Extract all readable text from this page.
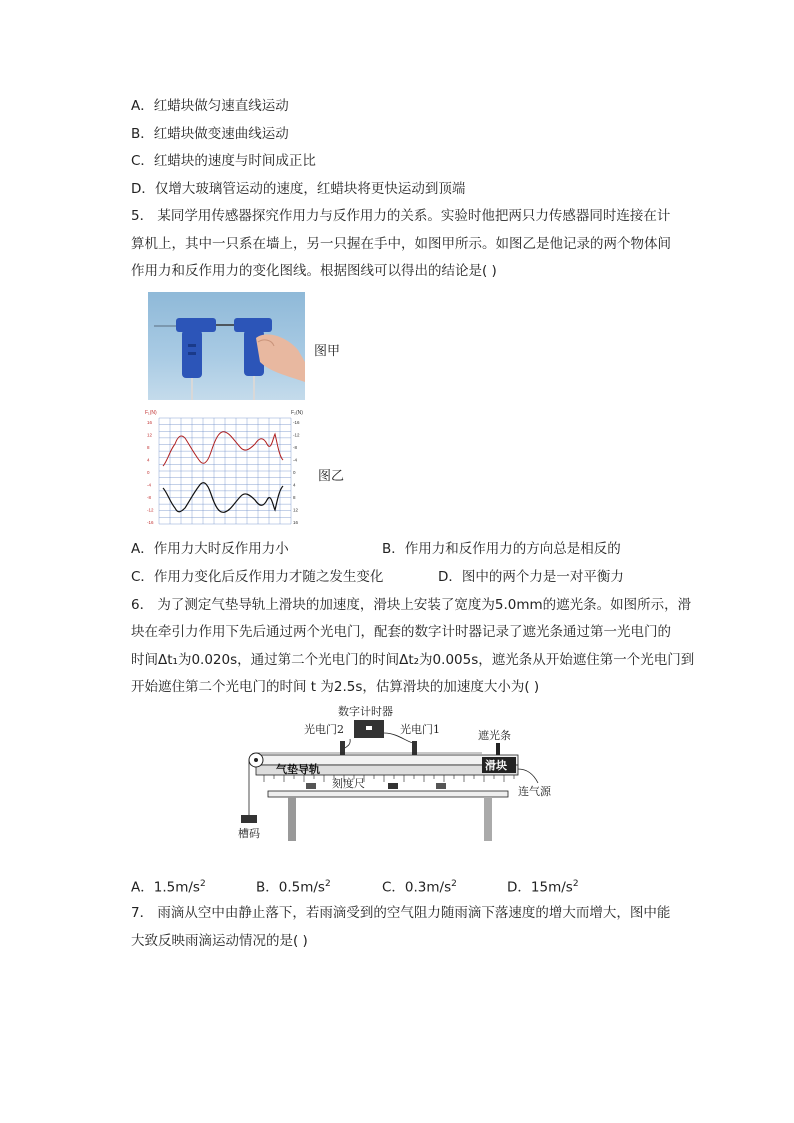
A．红蜡块做匀速直线运动
B．红蜡块做变速曲线运动
C．红蜡块的速度与时间成正比
D．仅增大玻璃管运动的速度，红蜡块将更快运动到顶端
5． 某同学用传感器探究作用力与反作用力的关系。实验时他把两只力传感器同时连接在计
算机上，其中一只系在墙上，另一只握在手中，如图甲所示。如图乙是他记录的两个物体间
作用力和反作用力的变化图线。根据图线可以得出的结论是( )
图甲
F₁(N)	F₂(N)
16
12
8
4
0
-4
-8
-12
-16
-16
-12
-8
-4
0
4
8
12
16
图乙
A．作用力大时反作用力小	B．作用力和反作用力的方向总是相反的
C．作用力变化后反作用力才随之发生变化	D．图中的两个力是一对平衡力
6． 为了测定气垫导轨上滑块的加速度，滑块上安装了宽度为5.0mm的遮光条。如图所示，滑
块在牵引力作用下先后通过两个光电门，配套的数字计时器记录了遮光条通过第一光电门的
时间Δt₁为0.020s，通过第二个光电门的时间Δt₂为0.005s，遮光条从开始遮住第一个光电门到
开始遮住第二个光电门的时间 t 为2.5s，估算滑块的加速度大小为( )
数字计时器
光电门2	光电门1	遮光条
气垫导轨	滑块
连气源
刻度尺
槽码
A．$1.5m/s^2$	B．$0.5m/s^2$	C．$0.3m/s^2$	D．$15m/s^2$
7． 雨滴从空中由静止落下，若雨滴受到的空气阻力随雨滴下落速度的增大而增大，图中能
大致反映雨滴运动情况的是( )
